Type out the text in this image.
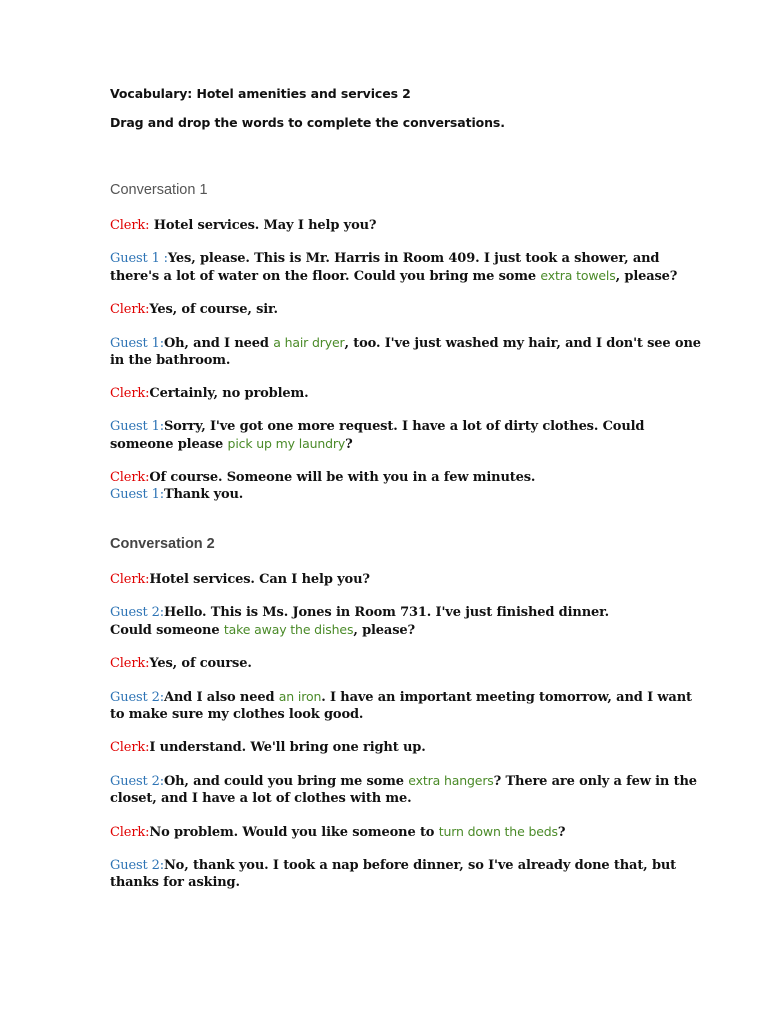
Vocabulary: Hotel amenities and services 2
Drag and drop the words to complete the conversations.
Conversation 1
Clerk: Hotel services. May I help you?
Guest 1 :Yes, please. This is Mr. Harris in Room 409. I just took a shower, and there's a lot of water on the floor. Could you bring me some extra towels, please?
Clerk:Yes, of course, sir.
Guest 1:Oh, and I need a hair dryer, too. I've just washed my hair, and I don't see one in the bathroom.
Clerk:Certainly, no problem.
Guest 1:Sorry, I've got one more request. I have a lot of dirty clothes. Could someone please pick up my laundry?
Clerk:Of course. Someone will be with you in a few minutes.
Guest 1:Thank you.
Conversation 2
Clerk:Hotel services. Can I help you?
Guest 2:Hello. This is Ms. Jones in Room 731. I've just finished dinner.
Could someone take away the dishes, please?
Clerk:Yes, of course.
Guest 2:And I also need an iron. I have an important meeting tomorrow, and I want to make sure my clothes look good.
Clerk:I understand. We'll bring one right up.
Guest 2:Oh, and could you bring me some extra hangers? There are only a few in the closet, and I have a lot of clothes with me.
Clerk:No problem. Would you like someone to turn down the beds?
Guest 2:No, thank you. I took a nap before dinner, so I've already done that, but thanks for asking.
